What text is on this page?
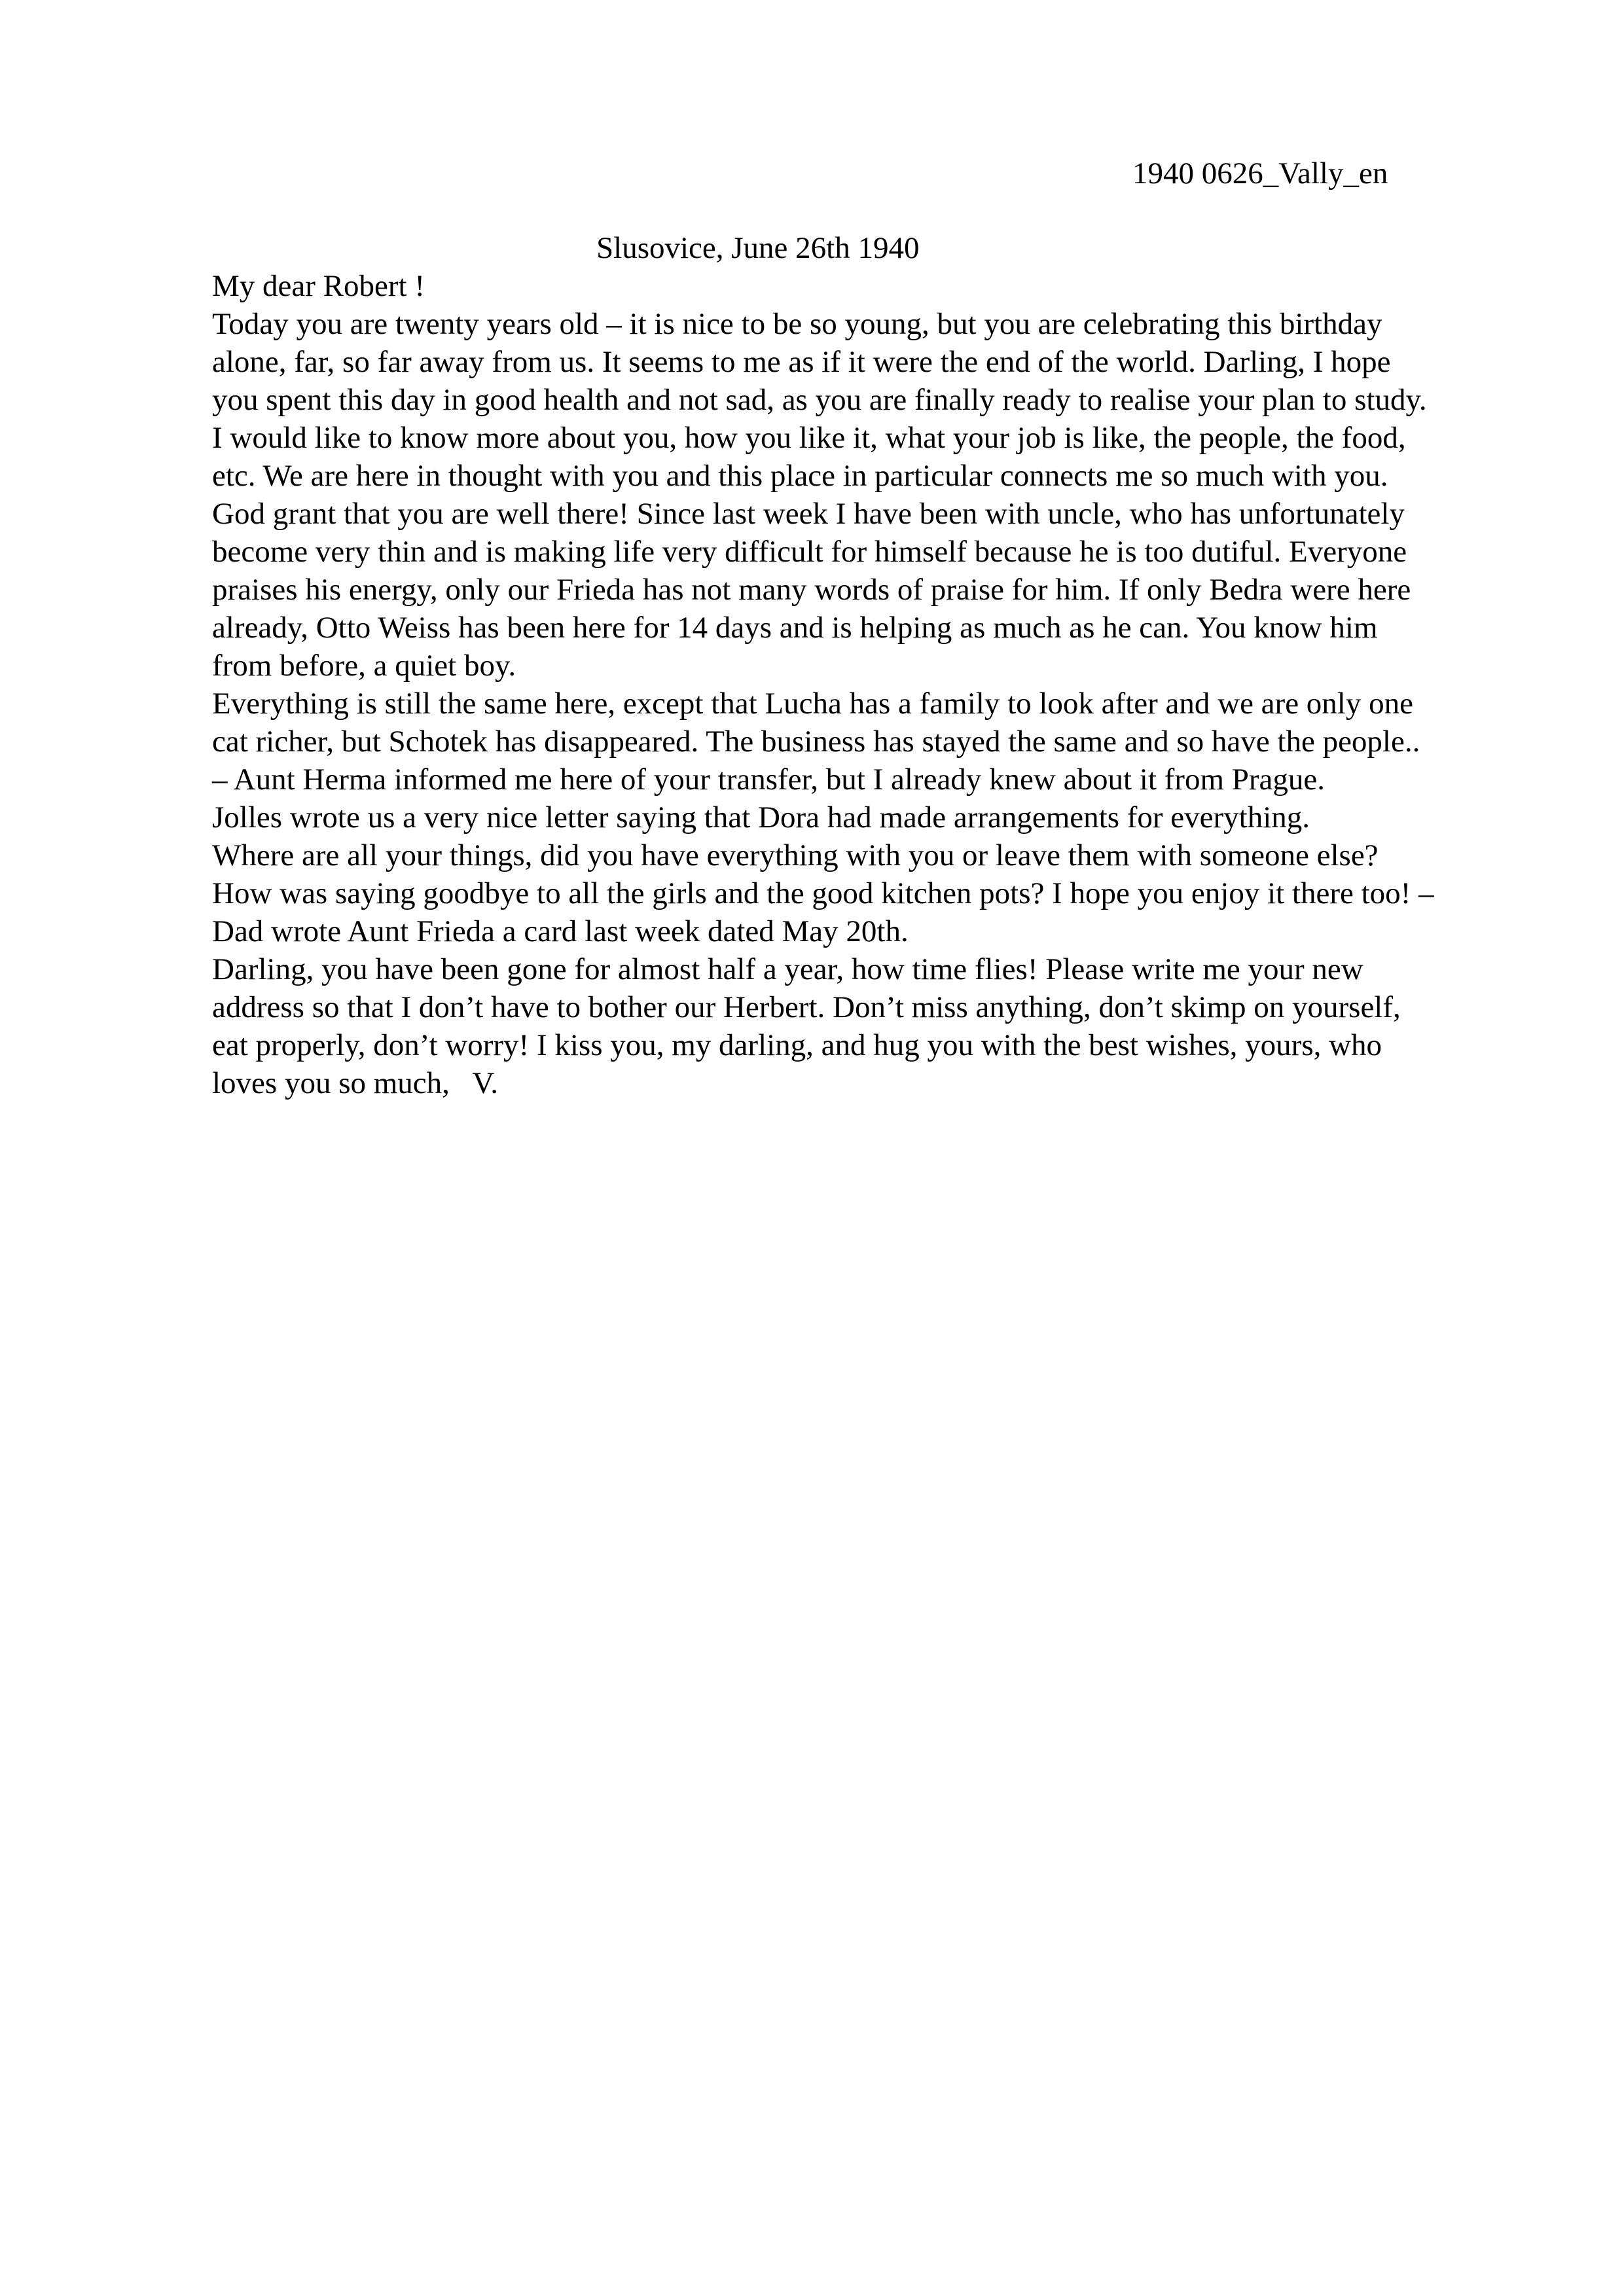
1940 0626_Vally_en
Slusovice, June 26th 1940
My dear Robert !
Today you are twenty years old – it is nice to be so young, but you are celebrating this birthday
alone, far, so far away from us. It seems to me as if it were the end of the world. Darling, I hope
you spent this day in good health and not sad, as you are finally ready to realise your plan to study.
I would like to know more about you, how you like it, what your job is like, the people, the food,
etc. We are here in thought with you and this place in particular connects me so much with you.
God grant that you are well there! Since last week I have been with uncle, who has unfortunately
become very thin and is making life very difficult for himself because he is too dutiful. Everyone
praises his energy, only our Frieda has not many words of praise for him. If only Bedra were here
already, Otto Weiss has been here for 14 days and is helping as much as he can. You know him
from before, a quiet boy.
Everything is still the same here, except that Lucha has a family to look after and we are only one
cat richer, but Schotek has disappeared. The business has stayed the same and so have the people..
– Aunt Herma informed me here of your transfer, but I already knew about it from Prague.
Jolles wrote us a very nice letter saying that Dora had made arrangements for everything.
Where are all your things, did you have everything with you or leave them with someone else?
How was saying goodbye to all the girls and the good kitchen pots? I hope you enjoy it there too! –
Dad wrote Aunt Frieda a card last week dated May 20th.
Darling, you have been gone for almost half a year, how time flies! Please write me your new
address so that I don’t have to bother our Herbert. Don’t miss anything, don’t skimp on yourself,
eat properly, don’t worry! I kiss you, my darling, and hug you with the best wishes, yours, who
loves you so much,   V.
